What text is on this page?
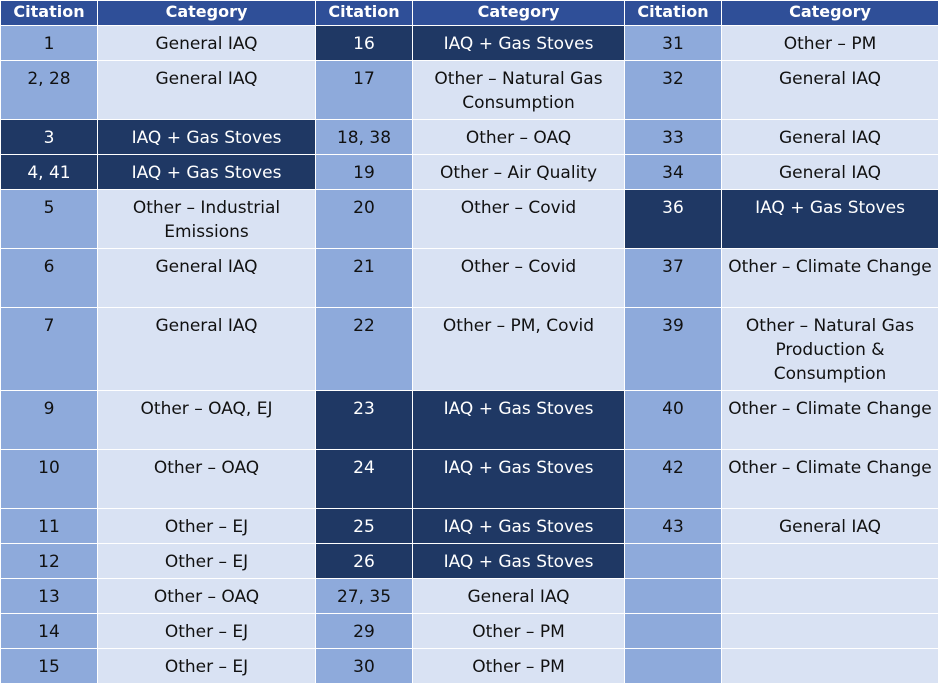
Citation	Category	Citation	Category	Citation	Category
1	General IAQ	16	IAQ + Gas Stoves	31	Other – PM
2, 28	General IAQ	17	Other – Natural Gas Consumption	32	General IAQ
3	IAQ + Gas Stoves	18, 38	Other – OAQ	33	General IAQ
4, 41	IAQ + Gas Stoves	19	Other – Air Quality	34	General IAQ
5	Other – Industrial Emissions	20	Other – Covid	36	IAQ + Gas Stoves
6	General IAQ	21	Other – Covid	37	Other – Climate Change
7	General IAQ	22	Other – PM, Covid	39	Other – Natural Gas Production & Consumption
9	Other – OAQ, EJ	23	IAQ + Gas Stoves	40	Other – Climate Change
10	Other – OAQ	24	IAQ + Gas Stoves	42	Other – Climate Change
11	Other – EJ	25	IAQ + Gas Stoves	43	General IAQ
12	Other – EJ	26	IAQ + Gas Stoves		
13	Other – OAQ	27, 35	General IAQ		
14	Other – EJ	29	Other – PM		
15	Other – EJ	30	Other – PM		
